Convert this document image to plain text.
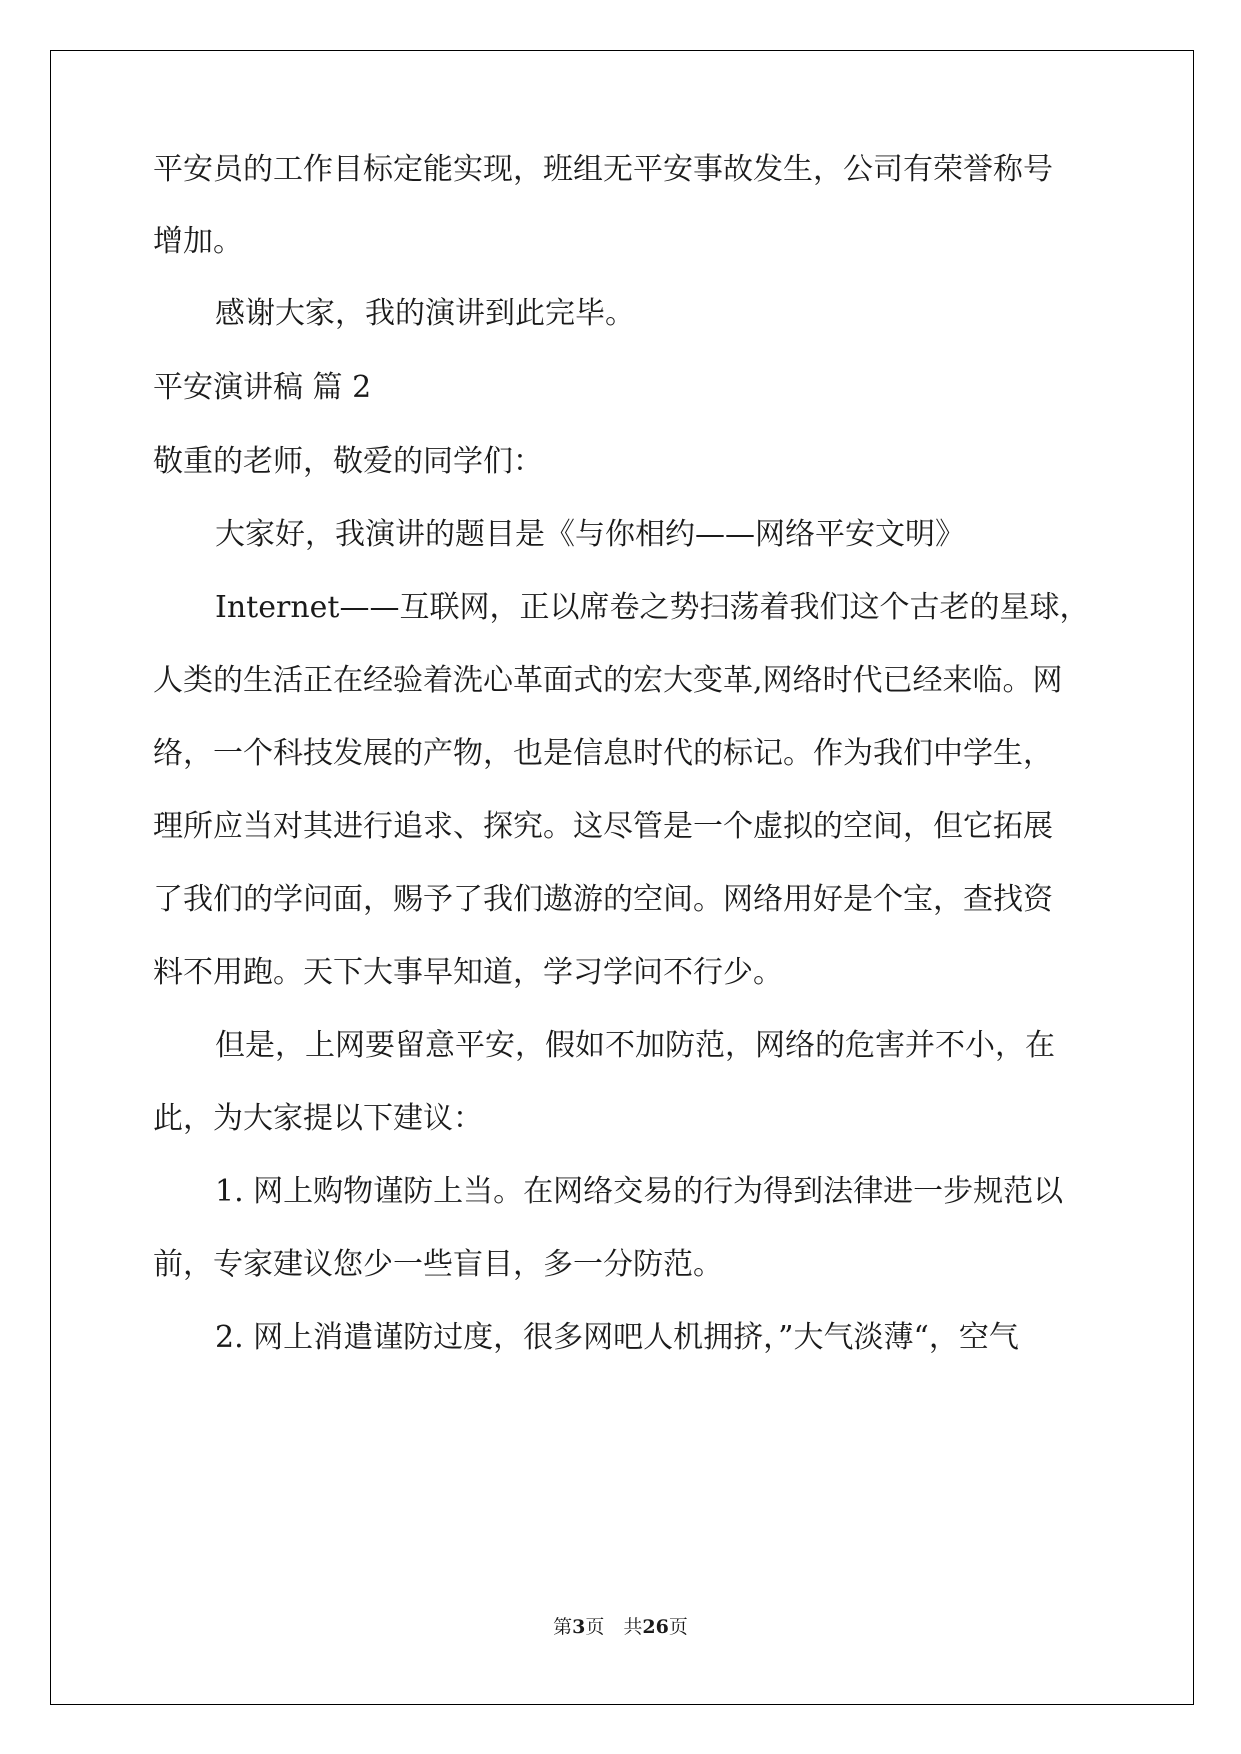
平安员的工作目标定能实现，班组无平安事故发生，公司有荣誉称号
增加。
感谢大家，我的演讲到此完毕。
平安演讲稿 篇 2
敬重的老师，敬爱的同学们：
大家好，我演讲的题目是《与你相约——网络平安文明》
Internet——互联网，正以席卷之势扫荡着我们这个古老的星球，
人类的生活正在经验着洗心革面式的宏大变革,网络时代已经来临。网
络，一个科技发展的产物，也是信息时代的标记。作为我们中学生，
理所应当对其进行追求、探究。这尽管是一个虚拟的空间，但它拓展
了我们的学问面，赐予了我们遨游的空间。网络用好是个宝，查找资
料不用跑。天下大事早知道，学习学问不行少。
但是，上网要留意平安，假如不加防范，网络的危害并不小，在
此，为大家提以下建议：
1. 网上购物谨防上当。在网络交易的行为得到法律进一步规范以
前，专家建议您少一些盲目，多一分防范。
2. 网上消遣谨防过度，很多网吧人机拥挤，”大气淡薄“，空气
第3页　共26页
